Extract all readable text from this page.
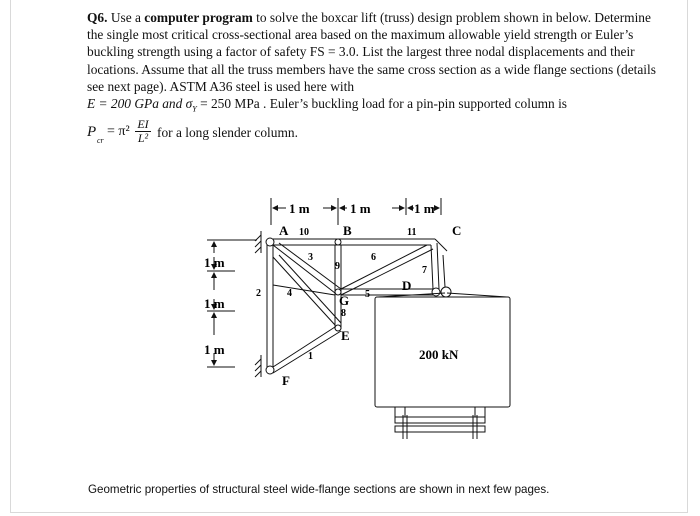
Q6. Use a computer program to solve the boxcar lift (truss) design problem shown in below. Determine the single most critical cross-sectional area based on the maximum allowable yield strength or Euler’s buckling strength using a factor of safety FS = 3.0. List the largest three nodal displacements and their locations. Assume that all the truss members have the same cross section as a wide flange sections (details see next page). ASTM A36 steel is used here with
E = 200 GPa and $\sigma_Y = 250$ MPa . Euler’s buckling load for a pin-pin supported column is
P
cr
= $\pi^2 \frac{EI}{\text{L²}}$ for a long slender column.
1 m	1 m	1 m
1 m
1 m
1 m	200 kN
A	B	C
D
E
F
G
1
2
3
4	5
6
7
8
9
10	11
Geometric properties of structural steel wide-flange sections are shown in next few pages.
